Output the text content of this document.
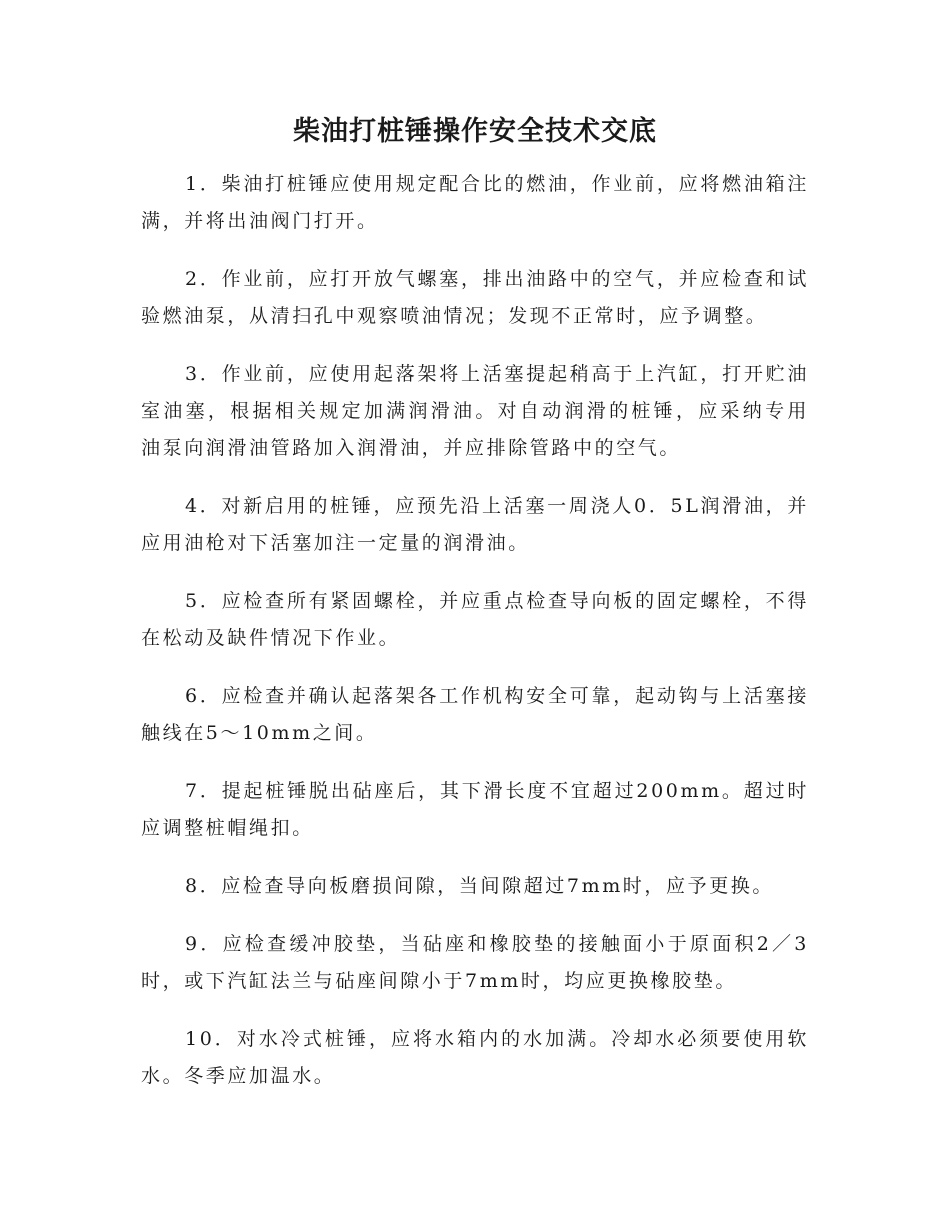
柴油打桩锤操作安全技术交底

1．柴油打桩锤应使用规定配合比的燃油，作业前，应将燃油箱注满，并将出油阀门打开。

2．作业前，应打开放气螺塞，排出油路中的空气，并应检查和试验燃油泵，从清扫孔中观察喷油情况；发现不正常时，应予调整。

3．作业前，应使用起落架将上活塞提起稍高于上汽缸，打开贮油室油塞，根据相关规定加满润滑油。对自动润滑的桩锤，应采纳专用油泵向润滑油管路加入润滑油，并应排除管路中的空气。

4．对新启用的桩锤，应预先沿上活塞一周浇人0．5L润滑油，并应用油枪对下活塞加注一定量的润滑油。

5．应检查所有紧固螺栓，并应重点检查导向板的固定螺栓，不得在松动及缺件情况下作业。

6．应检查并确认起落架各工作机构安全可靠，起动钩与上活塞接触线在5～10mm之间。

7．提起桩锤脱出砧座后，其下滑长度不宜超过200mm。超过时应调整桩帽绳扣。

8．应检查导向板磨损间隙，当间隙超过7mm时，应予更换。

9．应检查缓冲胶垫，当砧座和橡胶垫的接触面小于原面积2／3时，或下汽缸法兰与砧座间隙小于7mm时，均应更换橡胶垫。

10．对水冷式桩锤，应将水箱内的水加满。冷却水必须要使用软水。冬季应加温水。
